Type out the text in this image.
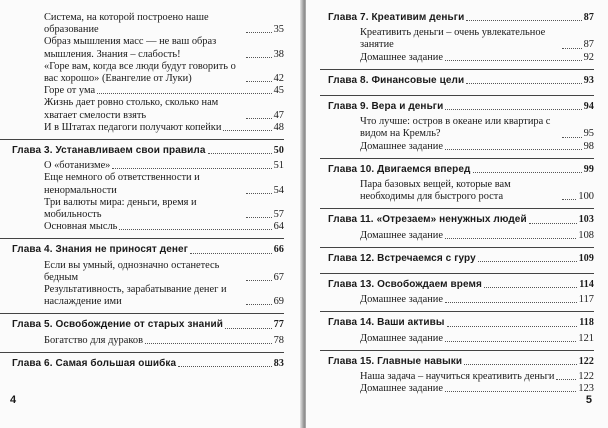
Система, на которой построено наше образование	35
Образ мышления масс — не ваш образ мышления. Знания – слабость!	38
«Горе вам, когда все люди будут говорить о вас хорошо» (Евангелие от Луки)	42
Горе от ума	45
Жизнь дает ровно столько, сколько нам хватает смелости взять	47
И в Штатах педагоги получают копейки	48
Глава 3. Устанавливаем свои правила	50
О «ботанизме»	51
Еще немного об ответственности и ненормальности	54
Три валюты мира: деньги, время и мобильность	57
Основная мысль	64
Глава 4. Знания не приносят денег	66
Если вы умный, однозначно останетесь бедным	67
Результативность, зарабатывание денег и наслаждение ими	69
Глава 5. Освобождение от старых знаний	77
Богатство для дураков	78
Глава 6. Самая большая ошибка	83
4
Глава 7. Креативим деньги	87
Креативить деньги – очень увлекательное занятие	87
Домашнее задание	92
Глава 8. Финансовые цели	93
Глава 9. Вера и деньги	94
Что лучше: остров в океане или квартира с видом на Кремль?	95
Домашнее задание	98
Глава 10. Двигаемся вперед	99
Пара базовых вещей, которые вам необходимы для быстрого роста	100
Глава 11. «Отрезаем» ненужных людей	103
Домашнее задание	108
Глава 12. Встречаемся с гуру	109
Глава 13. Освобождаем время	114
Домашнее задание	117
Глава 14. Ваши активы	118
Домашнее задание	121
Глава 15. Главные навыки	122
Наша задача – научиться креативить деньги 122
Домашнее задание	123
5
